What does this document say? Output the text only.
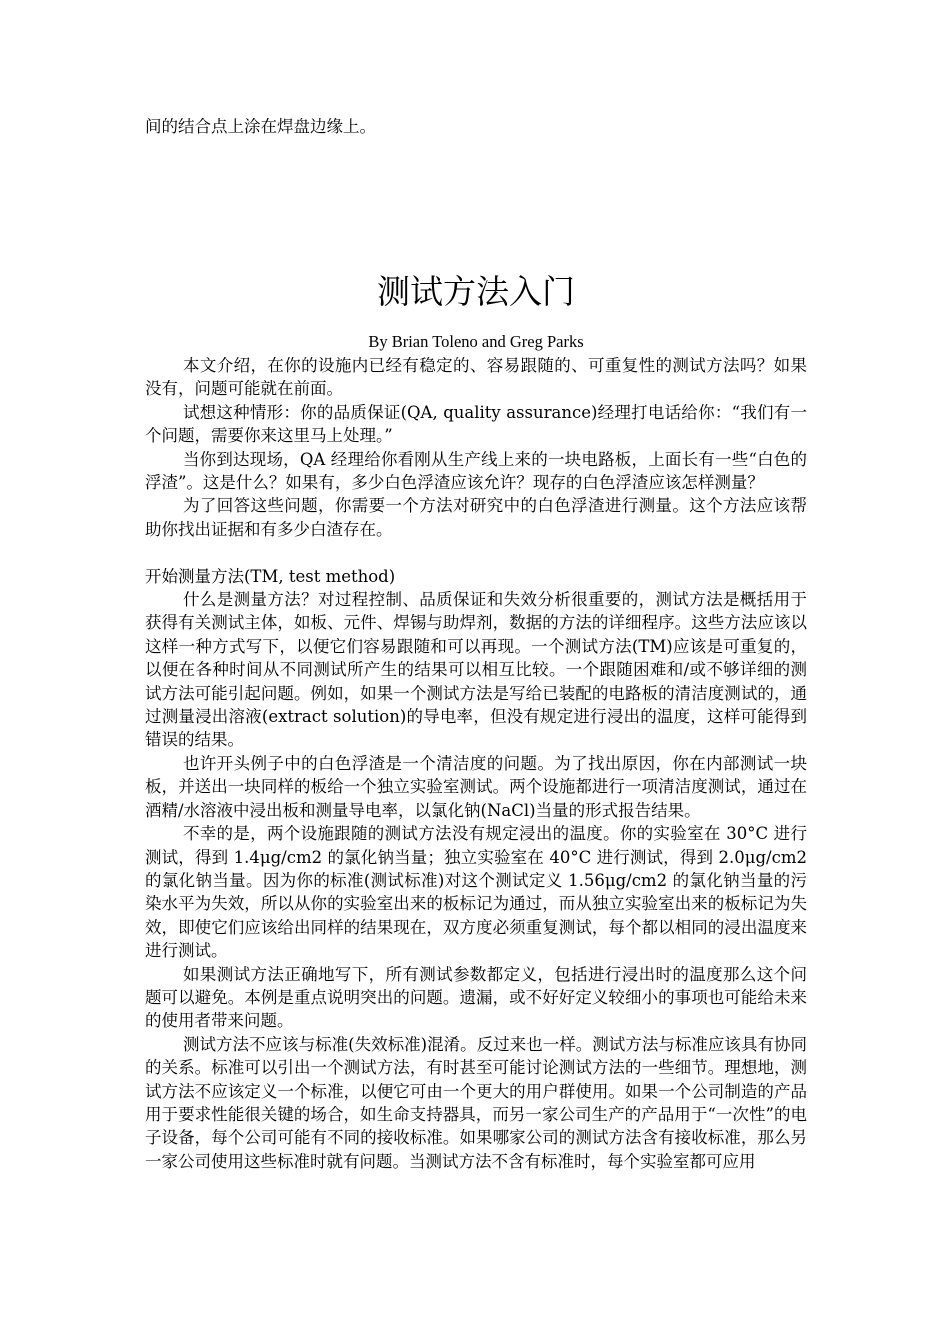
间的结合点上涂在焊盘边缘上。
测试方法入门
By Brian Toleno and Greg Parks

本文介绍，在你的设施内已经有稳定的、容易跟随的、可重复性的测试方法吗？如果没有，问题可能就在前面。

试想这种情形：你的品质保证(QA, quality assurance)经理打电话给你：“我们有一个问题，需要你来这里马上处理。”

当你到达现场，QA 经理给你看刚从生产线上来的一块电路板，上面长有一些“白色的浮渣”。这是什么？如果有，多少白色浮渣应该允许？现存的白色浮渣应该怎样测量？

为了回答这些问题，你需要一个方法对研究中的白色浮渣进行测量。这个方法应该帮助你找出证据和有多少白渣存在。

开始测量方法(TM, test method)

什么是测量方法？对过程控制、品质保证和失效分析很重要的，测试方法是概括用于获得有关测试主体，如板、元件、焊锡与助焊剂，数据的方法的详细程序。这些方法应该以这样一种方式写下，以便它们容易跟随和可以再现。一个测试方法(TM)应该是可重复的，以便在各种时间从不同测试所产生的结果可以相互比较。一个跟随困难和/或不够详细的测试方法可能引起问题。例如，如果一个测试方法是写给已装配的电路板的清洁度测试的，通过测量浸出溶液(extract solution)的导电率，但没有规定进行浸出的温度，这样可能得到错误的结果。

也许开头例子中的白色浮渣是一个清洁度的问题。为了找出原因，你在内部测试一块板，并送出一块同样的板给一个独立实验室测试。两个设施都进行一项清洁度测试，通过在酒精/水溶液中浸出板和测量导电率，以氯化钠(NaCl)当量的形式报告结果。

不幸的是，两个设施跟随的测试方法没有规定浸出的温度。你的实验室在 30°C 进行测试，得到 1.4μg/cm2 的氯化钠当量；独立实验室在 40°C 进行测试，得到 2.0μg/cm2 的氯化钠当量。因为你的标准(测试标准)对这个测试定义 1.56μg/cm2 的氯化钠当量的污染水平为失效，所以从你的实验室出来的板标记为通过，而从独立实验室出来的板标记为失效，即使它们应该给出同样的结果现在，双方度必须重复测试，每个都以相同的浸出温度来进行测试。

如果测试方法正确地写下，所有测试参数都定义，包括进行浸出时的温度那么这个问题可以避免。本例是重点说明突出的问题。遗漏，或不好好定义较细小的事项也可能给未来的使用者带来问题。

测试方法不应该与标准(失效标准)混淆。反过来也一样。测试方法与标准应该具有协同的关系。标准可以引出一个测试方法，有时甚至可能讨论测试方法的一些细节。理想地，测试方法不应该定义一个标准，以便它可由一个更大的用户群使用。如果一个公司制造的产品用于要求性能很关键的场合，如生命支持器具，而另一家公司生产的产品用于“一次性”的电子设备，每个公司可能有不同的接收标准。如果哪家公司的测试方法含有接收标准，那么另一家公司使用这些标准时就有问题。当测试方法不含有标准时，每个实验室都可应用
